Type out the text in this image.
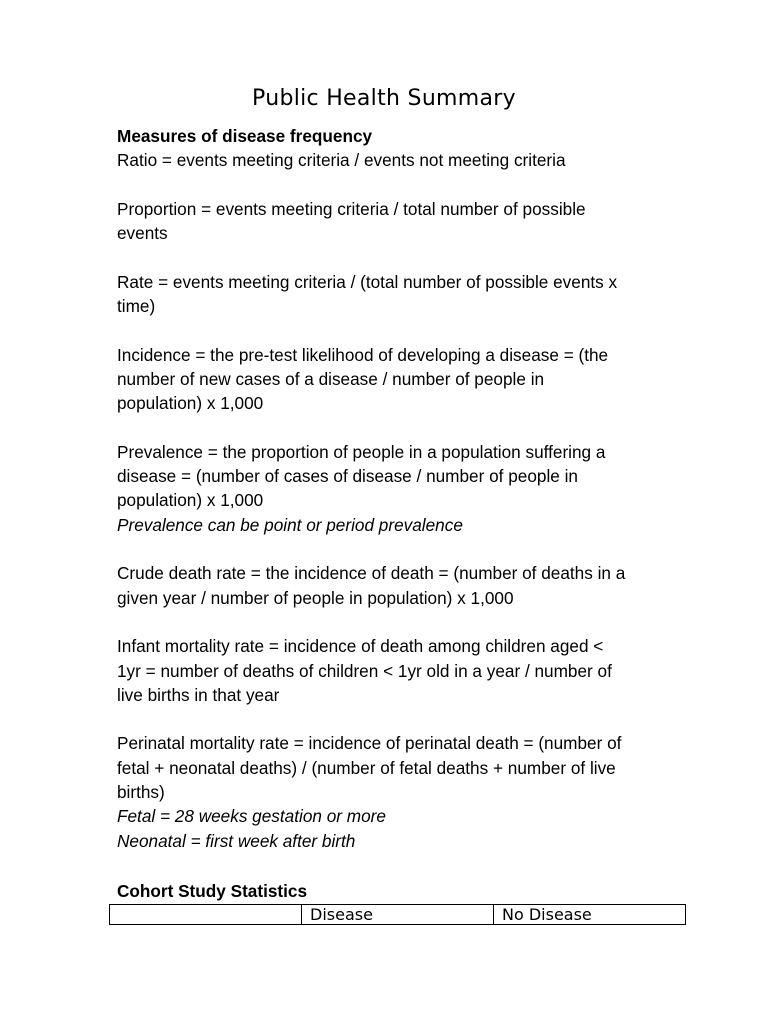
Public Health Summary

Measures of disease frequency

Ratio = events meeting criteria / events not meeting criteria

Proportion = events meeting criteria / total number of possible

events

Rate = events meeting criteria / (total number of possible events x

time)

Incidence = the pre-test likelihood of developing a disease = (the

number of new cases of a disease / number of people in

population) x 1,000

Prevalence = the proportion of people in a population suffering a

disease = (number of cases of disease / number of people in

population) x 1,000

Prevalence can be point or period prevalence

Crude death rate = the incidence of death = (number of deaths in a

given year / number of people in population) x 1,000

Infant mortality rate = incidence of death among children aged <

1yr = number of deaths of children < 1yr old in a year / number of

live births in that year

Perinatal mortality rate = incidence of perinatal death = (number of

fetal + neonatal deaths) / (number of fetal deaths + number of live

births)

Fetal = 28 weeks gestation or more

Neonatal = first week after birth

Cohort Study Statistics
	Disease	No Disease
